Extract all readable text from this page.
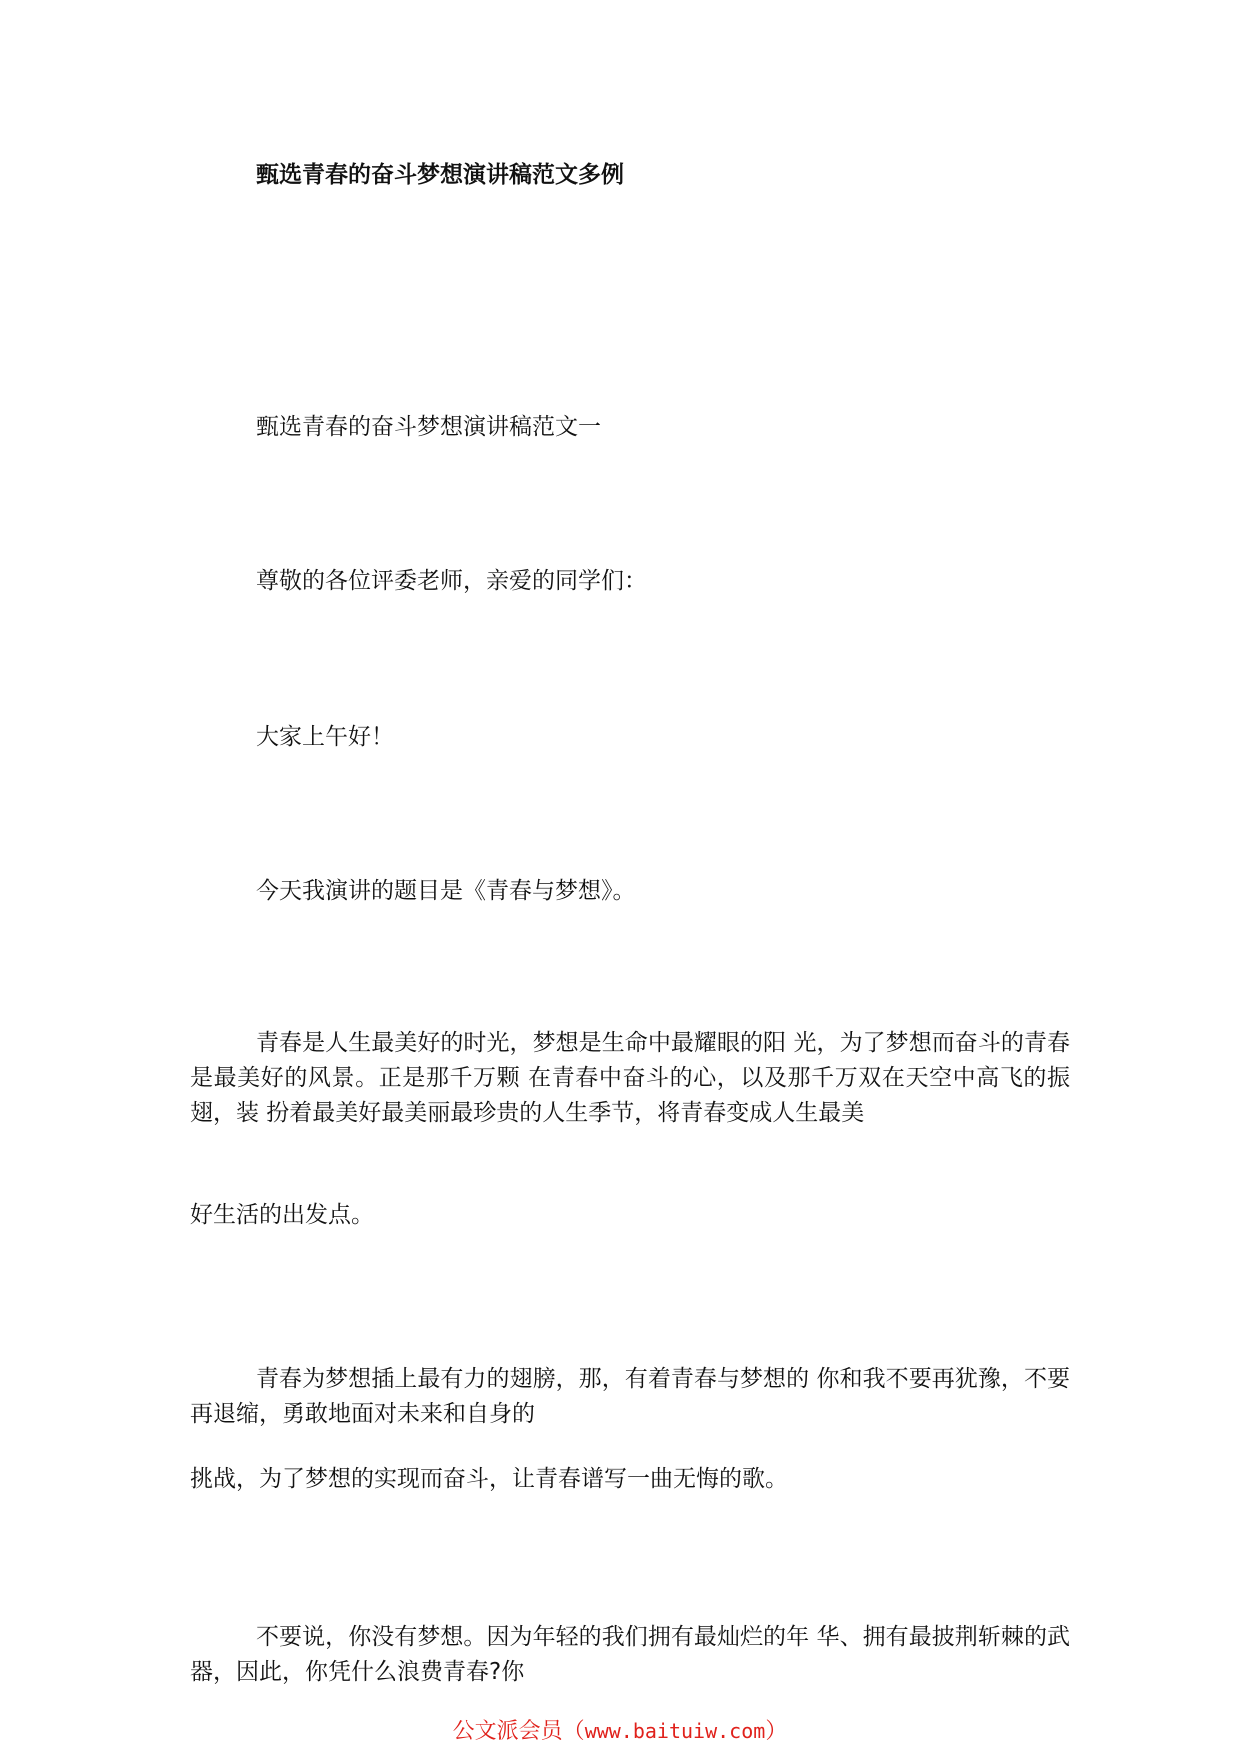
甄选青春的奋斗梦想演讲稿范文多例
甄选青春的奋斗梦想演讲稿范文一
尊敬的各位评委老师，亲爱的同学们：
大家上午好！
今天我演讲的题目是《青春与梦想》。
青春是人生最美好的时光，梦想是生命中最耀眼的阳 光，为了梦想而奋斗的青春是最美好的风景。正是那千万颗 在青春中奋斗的心，以及那千万双在天空中高飞的振翅，装 扮着最美好最美丽最珍贵的人生季节，将青春变成人生最美
好生活的出发点。
青春为梦想插上最有力的翅膀，那，有着青春与梦想的 你和我不要再犹豫，不要再退缩，勇敢地面对未来和自身的
挑战，为了梦想的实现而奋斗，让青春谱写一曲无悔的歌。
不要说，你没有梦想。因为年轻的我们拥有最灿烂的年 华、拥有最披荆斩棘的武器，因此，你凭什么浪费青春?你
公文派会员（www.baituiw.com）
